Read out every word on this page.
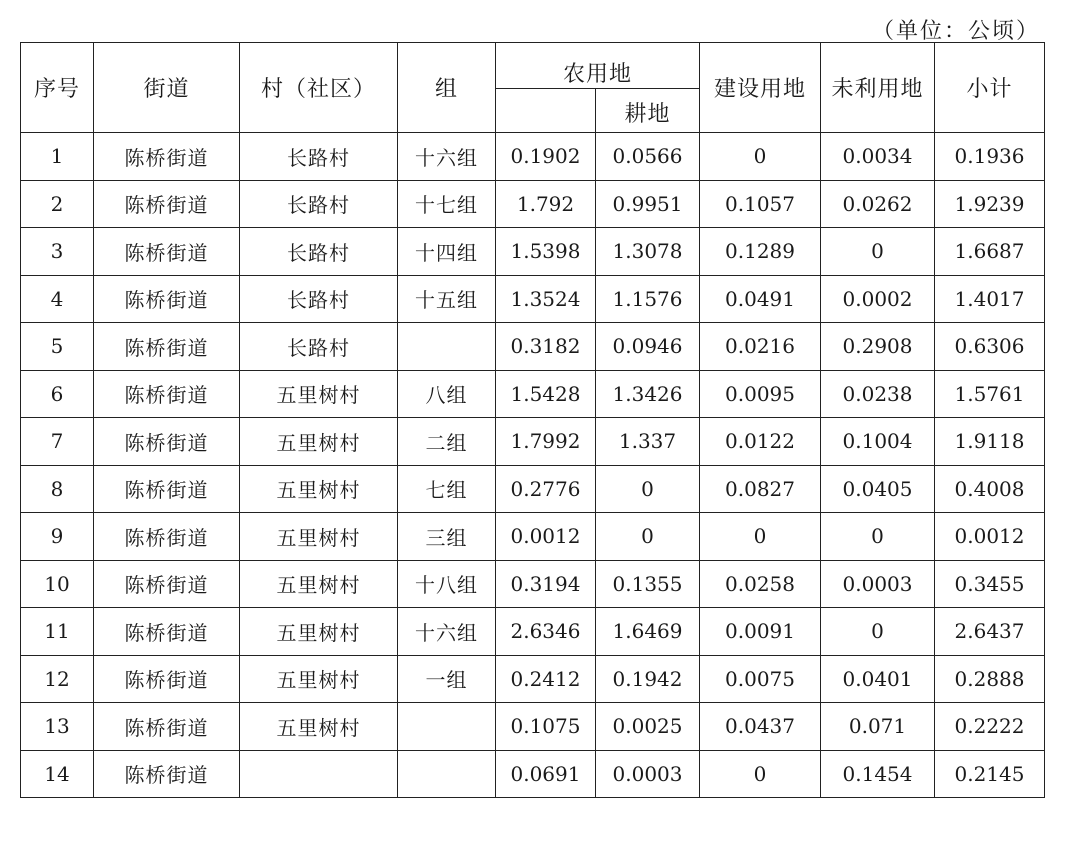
（单位：公顷）
序号	街道	村（社区）	组	农用地		建设用地	未利用地	小计
					耕地			
1	陈桥街道	长路村	十六组	0.1902	0.0566	0	0.0034	0.1936
2	陈桥街道	长路村	十七组	1.792	0.9951	0.1057	0.0262	1.9239
3	陈桥街道	长路村	十四组	1.5398	1.3078	0.1289	0	1.6687
4	陈桥街道	长路村	十五组	1.3524	1.1576	0.0491	0.0002	1.4017
5	陈桥街道	长路村		0.3182	0.0946	0.0216	0.2908	0.6306
6	陈桥街道	五里树村	八组	1.5428	1.3426	0.0095	0.0238	1.5761
7	陈桥街道	五里树村	二组	1.7992	1.337	0.0122	0.1004	1.9118
8	陈桥街道	五里树村	七组	0.2776	0	0.0827	0.0405	0.4008
9	陈桥街道	五里树村	三组	0.0012	0	0	0	0.0012
10	陈桥街道	五里树村	十八组	0.3194	0.1355	0.0258	0.0003	0.3455
11	陈桥街道	五里树村	十六组	2.6346	1.6469	0.0091	0	2.6437
12	陈桥街道	五里树村	一组	0.2412	0.1942	0.0075	0.0401	0.2888
13	陈桥街道	五里树村		0.1075	0.0025	0.0437	0.071	0.2222
14	陈桥街道			0.0691	0.0003	0	0.1454	0.2145
